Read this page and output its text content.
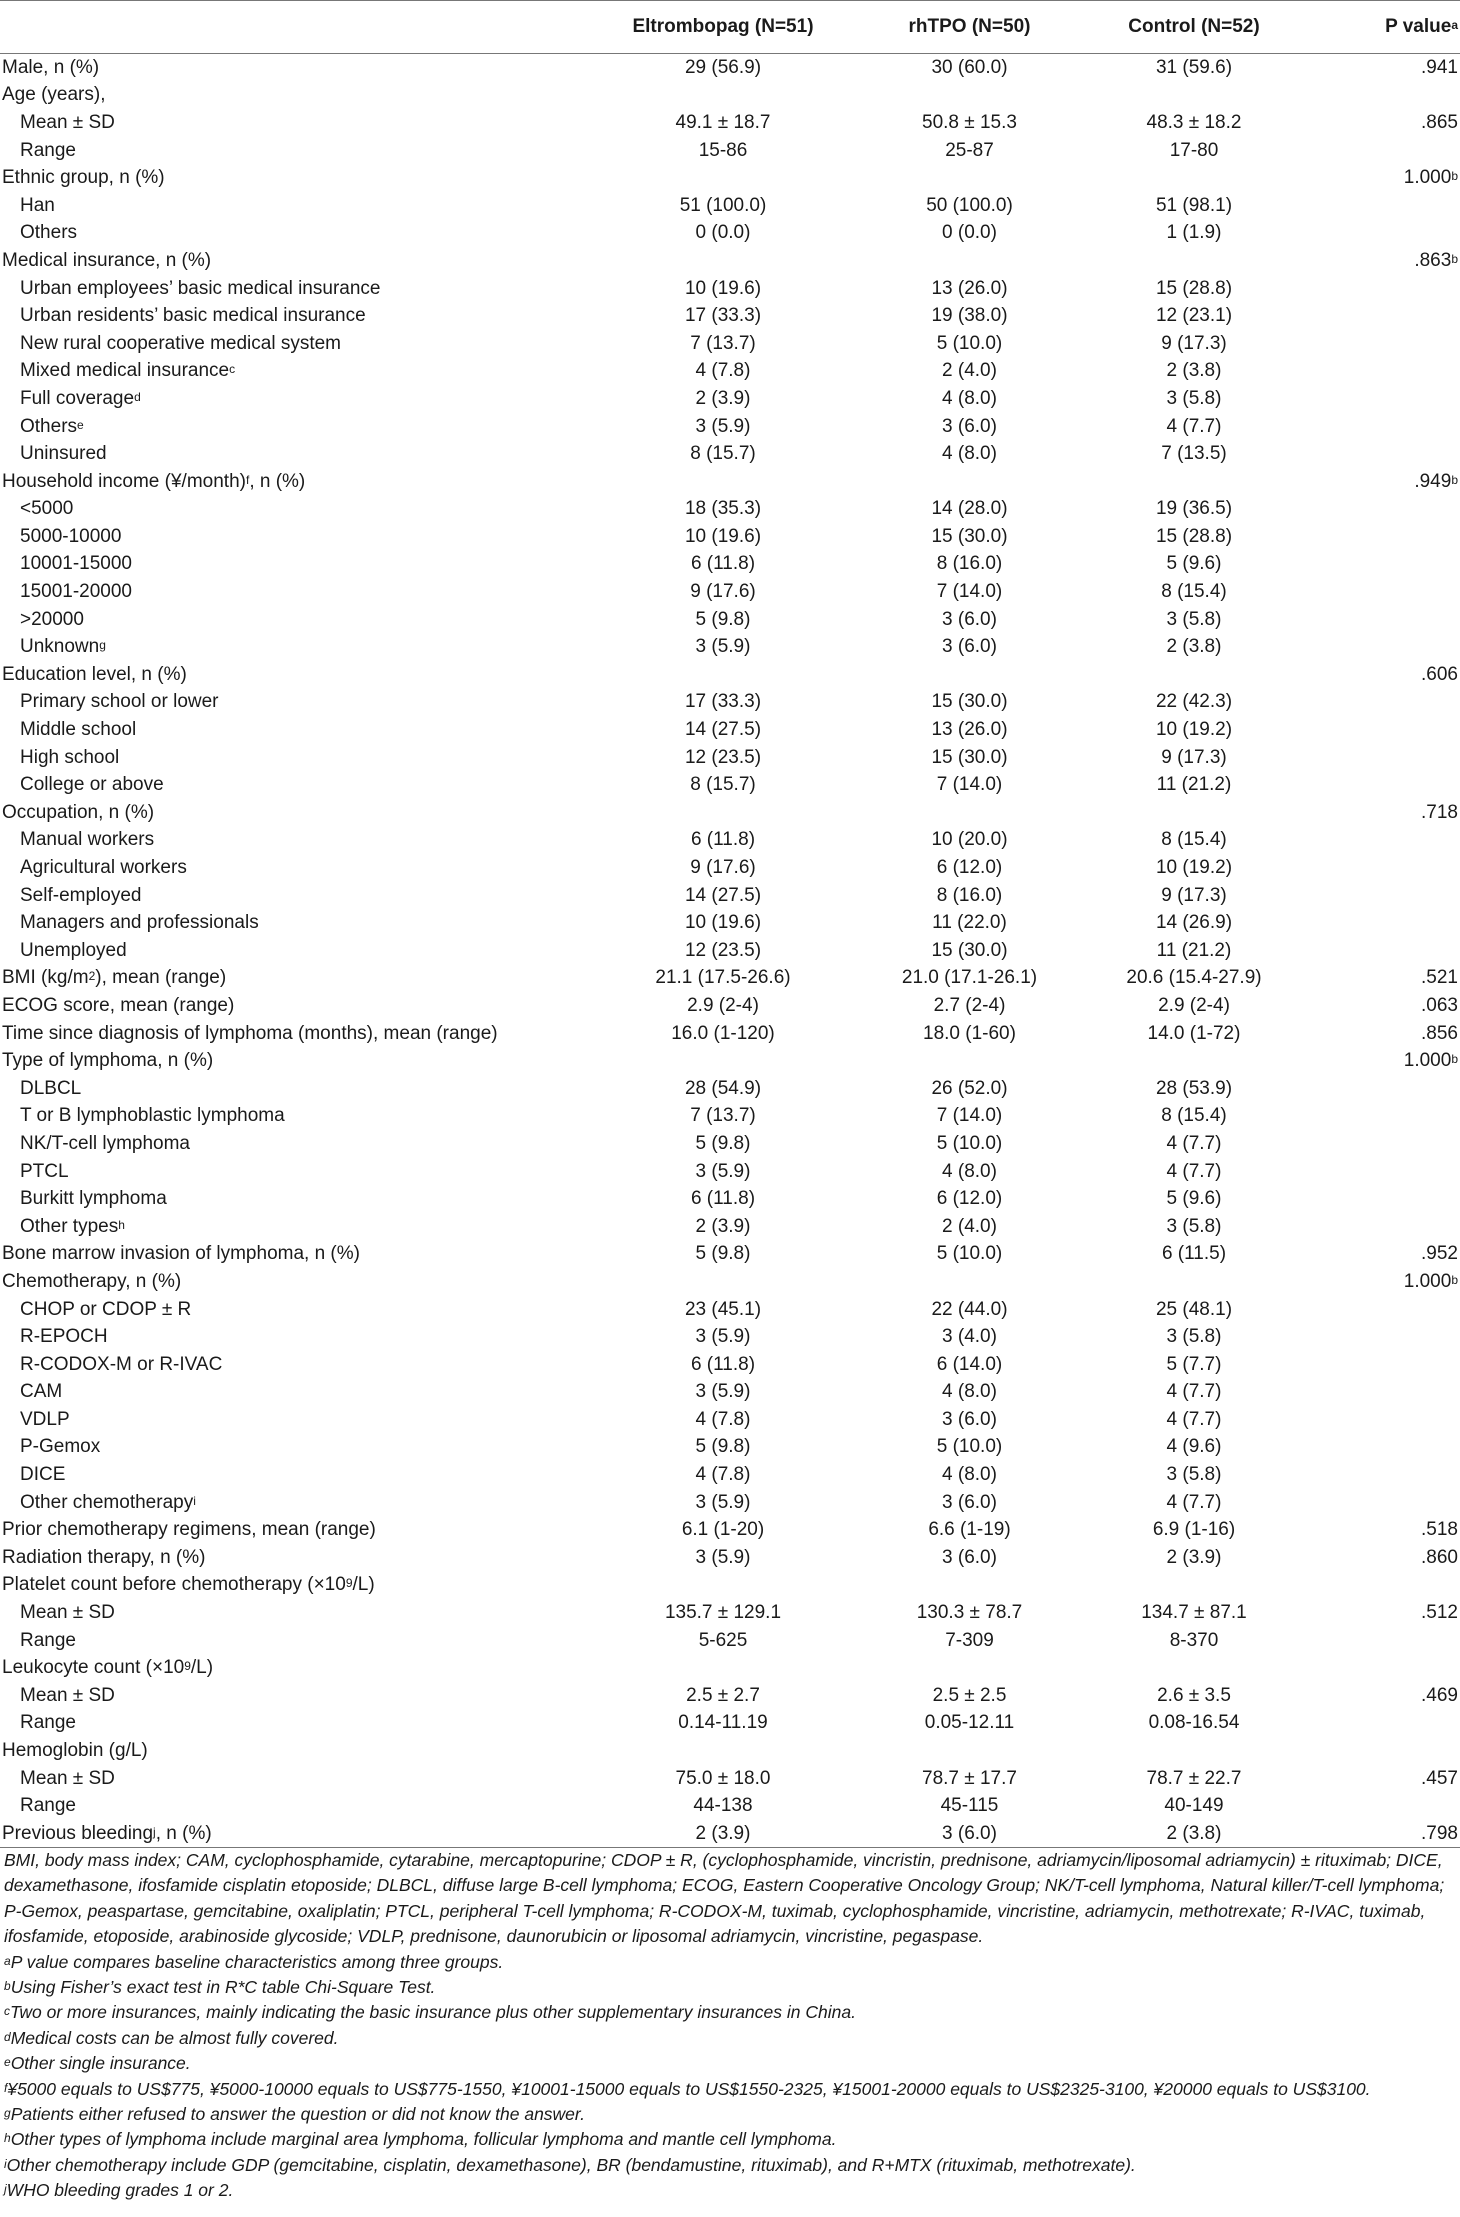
	Eltrombopag (N=51)	rhTPO (N=50)	Control (N=52)	P value$^a$
Male, n (%)	29 (56.9)	30 (60.0)	31 (59.6)	.941
Age (years),				
Mean ± SD	49.1 ± 18.7	50.8 ± 15.3	48.3 ± 18.2	.865
Range	15-86	25-87	17-80	
Ethnic group, n (%)				1.000$^b$
Han	51 (100.0)	50 (100.0)	51 (98.1)	
Others	0 (0.0)	0 (0.0)	1 (1.9)	
Medical insurance, n (%)				.863$^b$
Urban employees’ basic medical insurance	10 (19.6)	13 (26.0)	15 (28.8)	
Urban residents’ basic medical insurance	17 (33.3)	19 (38.0)	12 (23.1)	
New rural cooperative medical system	7 (13.7)	5 (10.0)	9 (17.3)	
Mixed medical insurance$^c$	4 (7.8)	2 (4.0)	2 (3.8)	
Full coverage$^d$	2 (3.9)	4 (8.0)	3 (5.8)	
Others$^e$	3 (5.9)	3 (6.0)	4 (7.7)	
Uninsured	8 (15.7)	4 (8.0)	7 (13.5)	
Household income (¥/month)$^f$, n (%)				.949$^b$
<5000	18 (35.3)	14 (28.0)	19 (36.5)	
5000-10000	10 (19.6)	15 (30.0)	15 (28.8)	
10001-15000	6 (11.8)	8 (16.0)	5 (9.6)	
15001-20000	9 (17.6)	7 (14.0)	8 (15.4)	
>20000	5 (9.8)	3 (6.0)	3 (5.8)	
Unknown$^g$	3 (5.9)	3 (6.0)	2 (3.8)	
Education level, n (%)				.606
Primary school or lower	17 (33.3)	15 (30.0)	22 (42.3)	
Middle school	14 (27.5)	13 (26.0)	10 (19.2)	
High school	12 (23.5)	15 (30.0)	9 (17.3)	
College or above	8 (15.7)	7 (14.0)	11 (21.2)	
Occupation, n (%)				.718
Manual workers	6 (11.8)	10 (20.0)	8 (15.4)	
Agricultural workers	9 (17.6)	6 (12.0)	10 (19.2)	
Self-employed	14 (27.5)	8 (16.0)	9 (17.3)	
Managers and professionals	10 (19.6)	11 (22.0)	14 (26.9)	
Unemployed	12 (23.5)	15 (30.0)	11 (21.2)	
BMI $(kg/m^2)$, mean (range)	21.1 (17.5-26.6)	21.0 (17.1-26.1)	20.6 (15.4-27.9)	.521
ECOG score, mean (range)	2.9 (2-4)	2.7 (2-4)	2.9 (2-4)	.063
Time since diagnosis of lymphoma (months), mean (range)	16.0 (1-120)	18.0 (1-60)	14.0 (1-72)	.856
Type of lymphoma, n (%)				1.000$^b$
DLBCL	28 (54.9)	26 (52.0)	28 (53.9)	
T or B lymphoblastic lymphoma	7 (13.7)	7 (14.0)	8 (15.4)	
NK/T-cell lymphoma	5 (9.8)	5 (10.0)	4 (7.7)	
PTCL	3 (5.9)	4 (8.0)	4 (7.7)	
Burkitt lymphoma	6 (11.8)	6 (12.0)	5 (9.6)	
Other types$^h$	2 (3.9)	2 (4.0)	3 (5.8)	
Bone marrow invasion of lymphoma, n (%)	5 (9.8)	5 (10.0)	6 (11.5)	.952
Chemotherapy, n (%)				1.000$^b$
CHOP or CDOP ± R	23 (45.1)	22 (44.0)	25 (48.1)	
R-EPOCH	3 (5.9)	3 (4.0)	3 (5.8)	
R-CODOX-M or R-IVAC	6 (11.8)	6 (14.0)	5 (7.7)	
CAM	3 (5.9)	4 (8.0)	4 (7.7)	
VDLP	4 (7.8)	3 (6.0)	4 (7.7)	
P-Gemox	5 (9.8)	5 (10.0)	4 (9.6)	
DICE	4 (7.8)	4 (8.0)	3 (5.8)	
Other chemotherapy$^i$	3 (5.9)	3 (6.0)	4 (7.7)	
Prior chemotherapy regimens, mean (range)	6.1 (1-20)	6.6 (1-19)	6.9 (1-16)	.518
Radiation therapy, n (%)	3 (5.9)	3 (6.0)	2 (3.9)	.860
Platelet count before chemotherapy $(\times 10^9/L)$				
Mean ± SD	135.7 ± 129.1	130.3 ± 78.7	134.7 ± 87.1	.512
Range	5-625	7-309	8-370	
Leukocyte count $(\times 10^9/L)$				
Mean ± SD	2.5 ± 2.7	2.5 ± 2.5	2.6 ± 3.5	.469
Range	0.14-11.19	0.05-12.11	0.08-16.54	
Hemoglobin (g/L)				
Mean ± SD	75.0 ± 18.0	78.7 ± 17.7	78.7 ± 22.7	.457
Range	44-138	45-115	40-149	
Previous bleeding$^j$, n (%)	2 (3.9)	3 (6.0)	2 (3.8)	.798

BMI, body mass index; CAM, cyclophosphamide, cytarabine, mercaptopurine; CDOP ± R, (cyclophosphamide, vincristin, prednisone, adriamycin/liposomal adriamycin) ± rituximab; DICE, dexamethasone, ifosfamide cisplatin etoposide; DLBCL, diffuse large B-cell lymphoma; ECOG, Eastern Cooperative Oncology Group; NK/T-cell lymphoma, Natural killer/T-cell lymphoma; P-Gemox, peaspartase, gemcitabine, oxaliplatin; PTCL, peripheral T-cell lymphoma; R-CODOX-M, tuximab, cyclophosphamide, vincristine, adriamycin, methotrexate; R-IVAC, tuximab, ifosfamide, etoposide, arabinoside glycoside; VDLP, prednisone, daunorubicin or liposomal adriamycin, vincristine, pegaspase.

$^a$P value compares baseline characteristics among three groups.

$^b$Using Fisher’s exact test in R*C table Chi-Square Test.

$^c$Two or more insurances, mainly indicating the basic insurance plus other supplementary insurances in China.

$^d$Medical costs can be almost fully covered.

$^e$Other single insurance.

$^f$¥5000 equals to US$775, ¥5000-10000 equals to US$775-1550, ¥10001-15000 equals to US$1550-2325, ¥15001-20000 equals to US$2325-3100, ¥20000 equals to US$3100.

$^g$Patients either refused to answer the question or did not know the answer.

$^h$Other types of lymphoma include marginal area lymphoma, follicular lymphoma and mantle cell lymphoma.

$^i$Other chemotherapy include GDP (gemcitabine, cisplatin, dexamethasone), BR (bendamustine, rituximab), and R+MTX (rituximab, methotrexate).

$^j$WHO bleeding grades 1 or 2.
